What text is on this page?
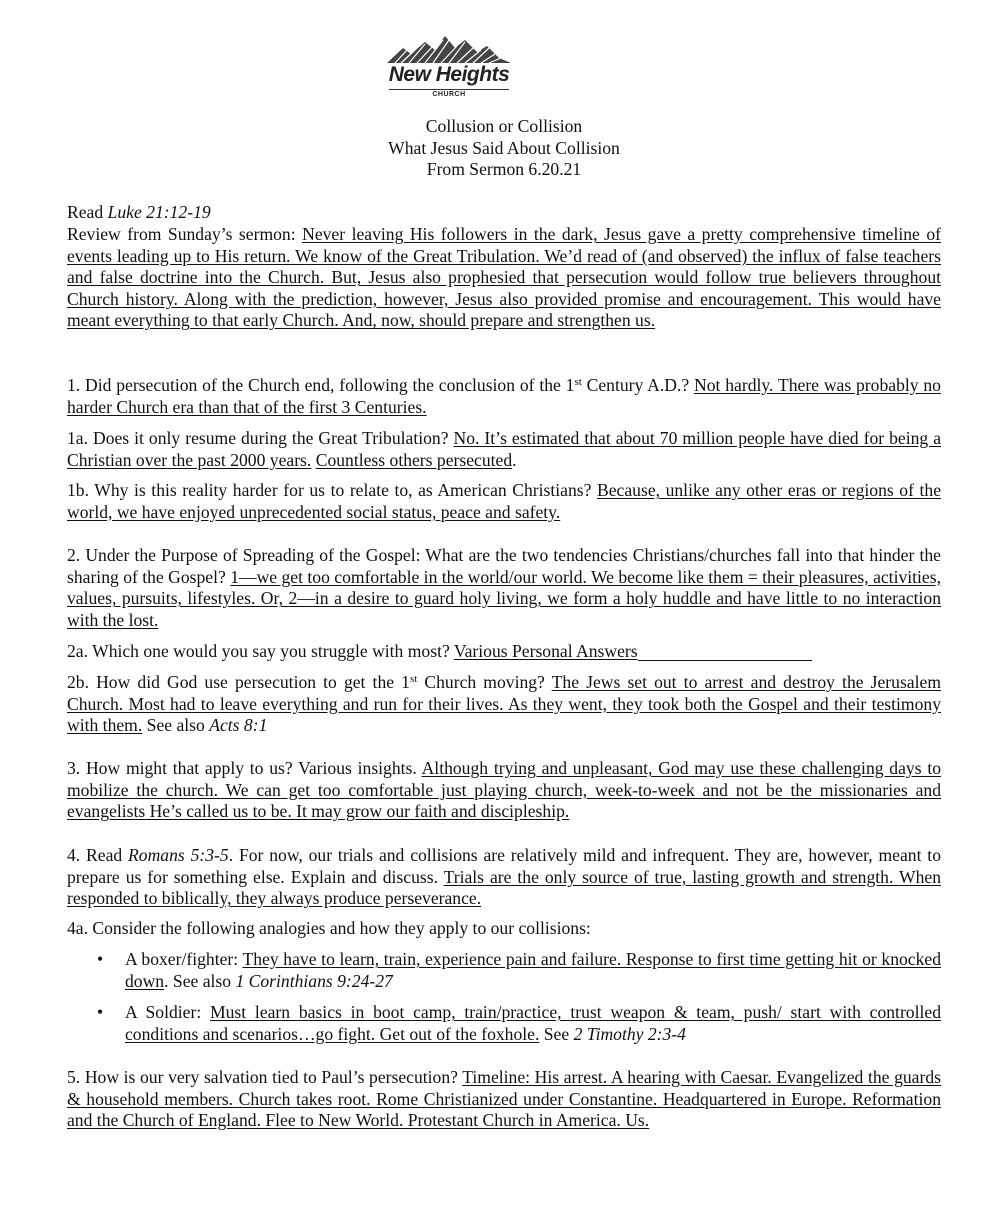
New Heights
CHURCH
Collusion or Collision
What Jesus Said About Collision
From Sermon 6.20.21
Read Luke 21:12-19
Review from Sunday’s sermon: Never leaving His followers in the dark, Jesus gave a pretty comprehensive timeline of events leading up to His return. We know of the Great Tribulation. We’d read of (and observed) the influx of false teachers and false doctrine into the Church. But, Jesus also prophesied that persecution would follow true believers throughout Church history. Along with the prediction, however, Jesus also provided promise and encouragement. This would have meant everything to that early Church. And, now, should prepare and strengthen us.
1. Did persecution of the Church end, following the conclusion of the 1st Century A.D.? Not hardly. There was probably no harder Church era than that of the first 3 Centuries.
1a. Does it only resume during the Great Tribulation? No. It’s estimated that about 70 million people have died for being a Christian over the past 2000 years. Countless others persecuted.
1b. Why is this reality harder for us to relate to, as American Christians? Because, unlike any other eras or regions of the world, we have enjoyed unprecedented social status, peace and safety.
2. Under the Purpose of Spreading of the Gospel: What are the two tendencies Christians/churches fall into that hinder the sharing of the Gospel? 1—we get too comfortable in the world/our world. We become like them = their pleasures, activities, values, pursuits, lifestyles. Or, 2—in a desire to guard holy living, we form a holy huddle and have little to no interaction with the lost.
2a. Which one would you say you struggle with most? Various Personal Answers
2b. How did God use persecution to get the 1st Church moving? The Jews set out to arrest and destroy the Jerusalem Church. Most had to leave everything and run for their lives. As they went, they took both the Gospel and their testimony with them. See also Acts 8:1
3. How might that apply to us? Various insights. Although trying and unpleasant, God may use these challenging days to mobilize the church. We can get too comfortable just playing church, week-to-week and not be the missionaries and evangelists He’s called us to be. It may grow our faith and discipleship.
4. Read Romans 5:3-5. For now, our trials and collisions are relatively mild and infrequent. They are, however, meant to prepare us for something else. Explain and discuss. Trials are the only source of true, lasting growth and strength. When responded to biblically, they always produce perseverance.
4a. Consider the following analogies and how they apply to our collisions:
• A boxer/fighter: They have to learn, train, experience pain and failure. Response to first time getting hit or knocked down. See also 1 Corinthians 9:24-27
• A Soldier: Must learn basics in boot camp, train/practice, trust weapon & team, push/ start with controlled conditions and scenarios…go fight. Get out of the foxhole. See 2 Timothy 2:3-4
5. How is our very salvation tied to Paul’s persecution? Timeline: His arrest. A hearing with Caesar. Evangelized the guards & household members. Church takes root. Rome Christianized under Constantine. Headquartered in Europe. Reformation and the Church of England. Flee to New World. Protestant Church in America. Us.
